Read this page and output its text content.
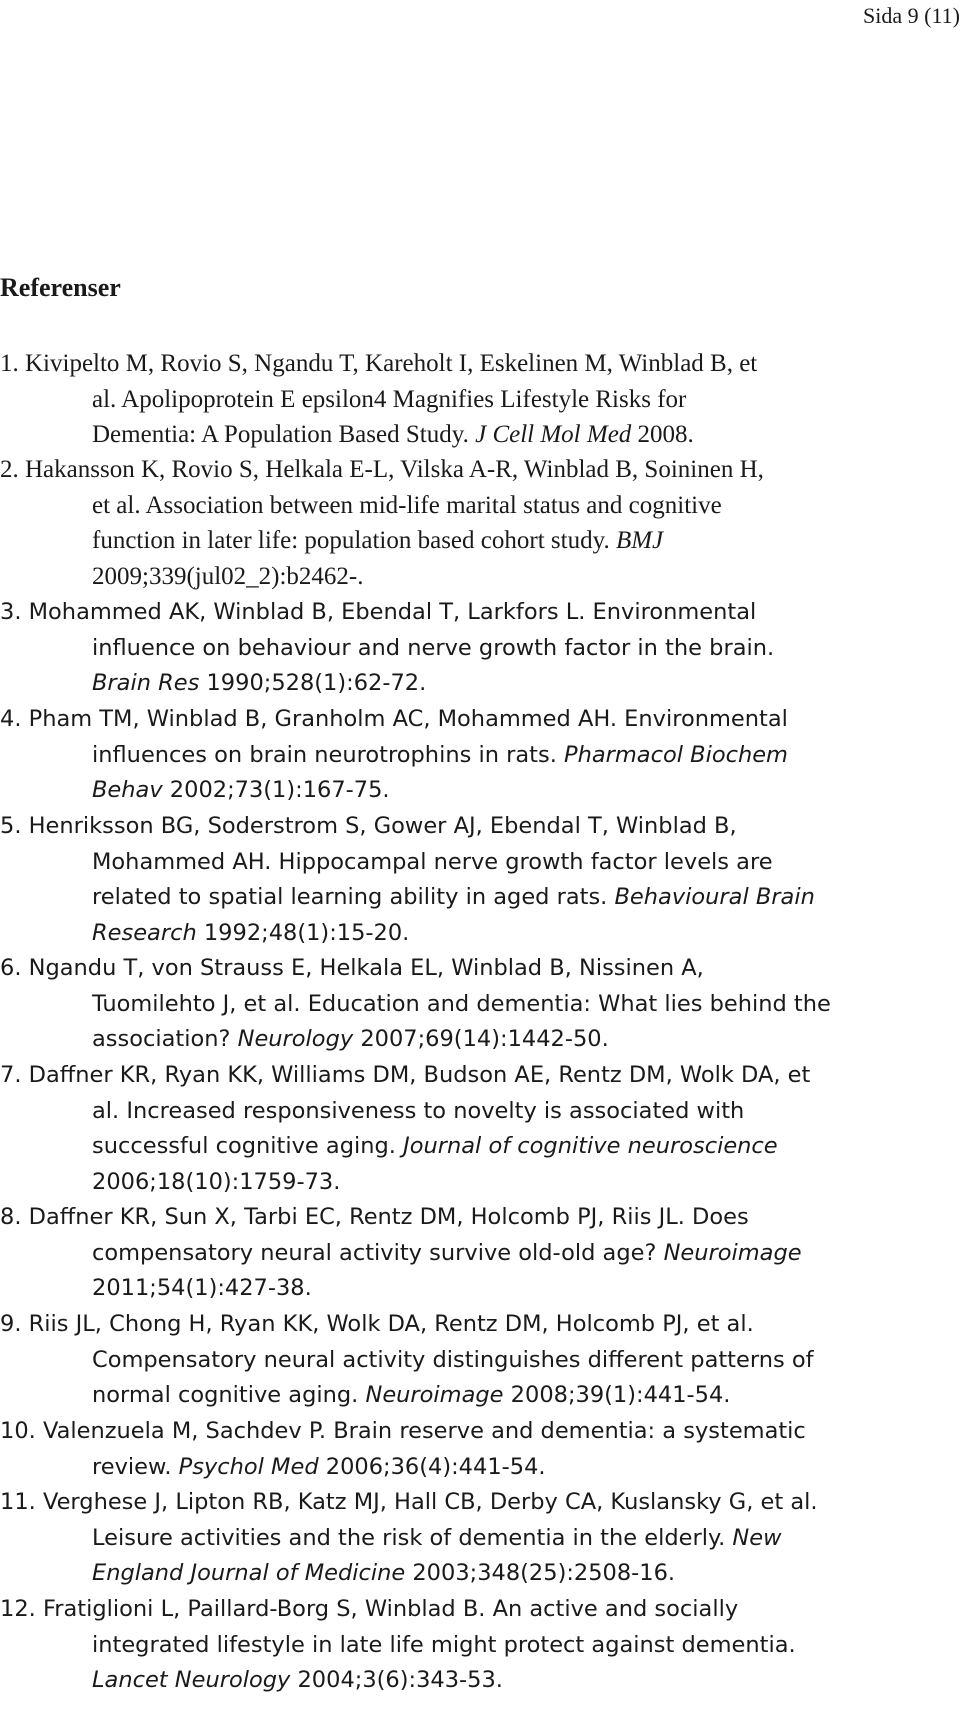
Sida 9 (11)
Referenser
1. Kivipelto M, Rovio S, Ngandu T, Kareholt I, Eskelinen M, Winblad B, et
al. Apolipoprotein E epsilon4 Magnifies Lifestyle Risks for
Dementia: A Population Based Study. J Cell Mol Med 2008.
2. Hakansson K, Rovio S, Helkala E-L, Vilska A-R, Winblad B, Soininen H,
et al. Association between mid-life marital status and cognitive
function in later life: population based cohort study. BMJ
2009;339(jul02_2):b2462-.
3. Mohammed AK, Winblad B, Ebendal T, Larkfors L. Environmental
influence on behaviour and nerve growth factor in the brain.
Brain Res 1990;528(1):62-72.
4. Pham TM, Winblad B, Granholm AC, Mohammed AH. Environmental
influences on brain neurotrophins in rats. Pharmacol Biochem
Behav 2002;73(1):167-75.
5. Henriksson BG, Soderstrom S, Gower AJ, Ebendal T, Winblad B,
Mohammed AH. Hippocampal nerve growth factor levels are
related to spatial learning ability in aged rats. Behavioural Brain
Research 1992;48(1):15-20.
6. Ngandu T, von Strauss E, Helkala EL, Winblad B, Nissinen A,
Tuomilehto J, et al. Education and dementia: What lies behind the
association? Neurology 2007;69(14):1442-50.
7. Daffner KR, Ryan KK, Williams DM, Budson AE, Rentz DM, Wolk DA, et
al. Increased responsiveness to novelty is associated with
successful cognitive aging. Journal of cognitive neuroscience
2006;18(10):1759-73.
8. Daffner KR, Sun X, Tarbi EC, Rentz DM, Holcomb PJ, Riis JL. Does
compensatory neural activity survive old-old age? Neuroimage
2011;54(1):427-38.
9. Riis JL, Chong H, Ryan KK, Wolk DA, Rentz DM, Holcomb PJ, et al.
Compensatory neural activity distinguishes different patterns of
normal cognitive aging. Neuroimage 2008;39(1):441-54.
10. Valenzuela M, Sachdev P. Brain reserve and dementia: a systematic
review. Psychol Med 2006;36(4):441-54.
11. Verghese J, Lipton RB, Katz MJ, Hall CB, Derby CA, Kuslansky G, et al.
Leisure activities and the risk of dementia in the elderly. New
England Journal of Medicine 2003;348(25):2508-16.
12. Fratiglioni L, Paillard-Borg S, Winblad B. An active and socially
integrated lifestyle in late life might protect against dementia.
Lancet Neurology 2004;3(6):343-53.
